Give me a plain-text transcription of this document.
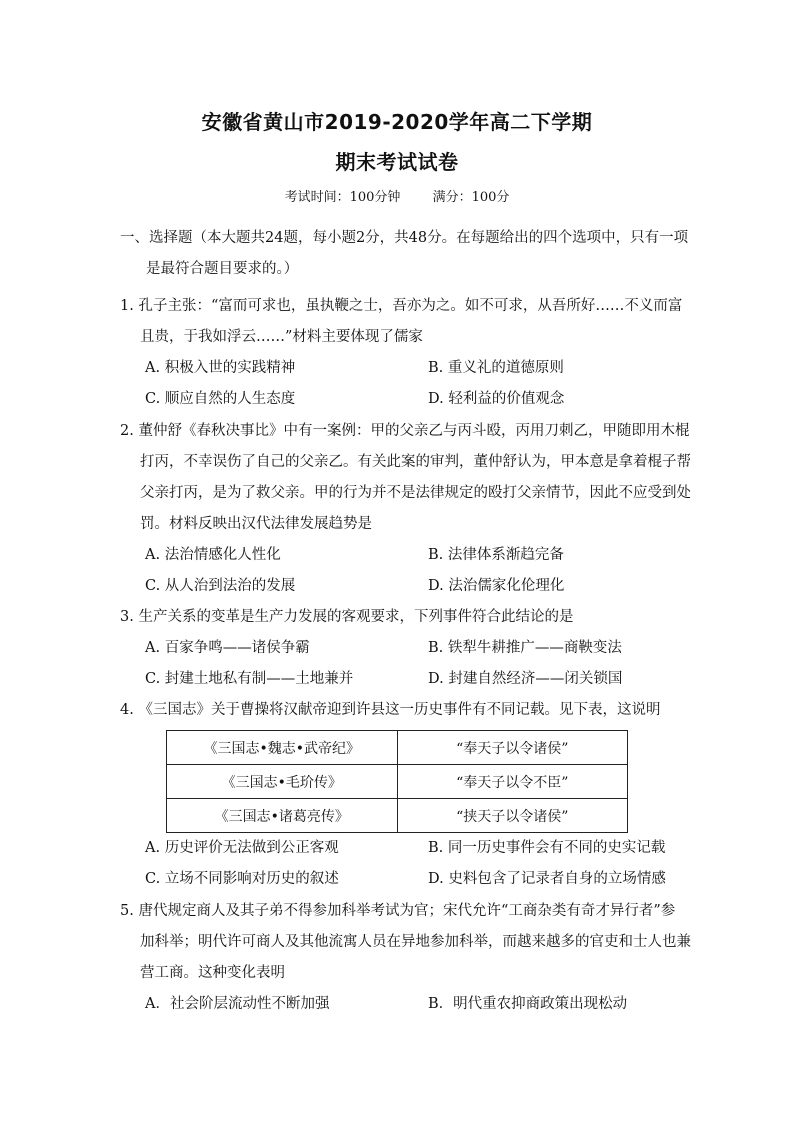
安徽省黄山市2019-2020学年高二下学期
期末考试试卷
考试时间：100分钟 满分：100分
一、选择题（本大题共24题，每小题2分，共48分。在每题给出的四个选项中，只有一项
是最符合题目要求的。）
1. 孔子主张：“富而可求也，虽执鞭之士，吾亦为之。如不可求，从吾所好……不义而富
且贵，于我如浮云……”材料主要体现了儒家
A. 积极入世的实践精神	B. 重义礼的道德原则
C. 顺应自然的人生态度	D. 轻利益的价值观念
2. 董仲舒《春秋决事比》中有一案例：甲的父亲乙与丙斗殴，丙用刀刺乙，甲随即用木棍
打丙，不幸误伤了自己的父亲乙。有关此案的审判，董仲舒认为，甲本意是拿着棍子帮
父亲打丙，是为了救父亲。甲的行为并不是法律规定的殴打父亲情节，因此不应受到处
罚。材料反映出汉代法律发展趋势是
A. 法治情感化人性化	B. 法律体系渐趋完备
C. 从人治到法治的发展	D. 法治儒家化伦理化
3. 生产关系的变革是生产力发展的客观要求，下列事件符合此结论的是
A. 百家争鸣——诸侯争霸	B. 铁犁牛耕推广——商鞅变法
C. 封建土地私有制——土地兼并	D. 封建自然经济——闭关锁国
4. 《三国志》关于曹操将汉献帝迎到许县这一历史事件有不同记载。见下表，这说明
《三国志•魏志•武帝纪》	“奉天子以令诸侯”
《三国志•毛玠传》	“奉天子以令不臣”
《三国志•诸葛亮传》	“挟天子以令诸侯”
A. 历史评价无法做到公正客观	B. 同一历史事件会有不同的史实记载
C. 立场不同影响对历史的叙述	D. 史料包含了记录者自身的立场情感
5. 唐代规定商人及其子弟不得参加科举考试为官；宋代允许“工商杂类有奇才异行者”参
加科举；明代许可商人及其他流寓人员在异地参加科举，而越来越多的官吏和士人也兼
营工商。这种变化表明
A．社会阶层流动性不断加强	B．明代重农抑商政策出现松动
